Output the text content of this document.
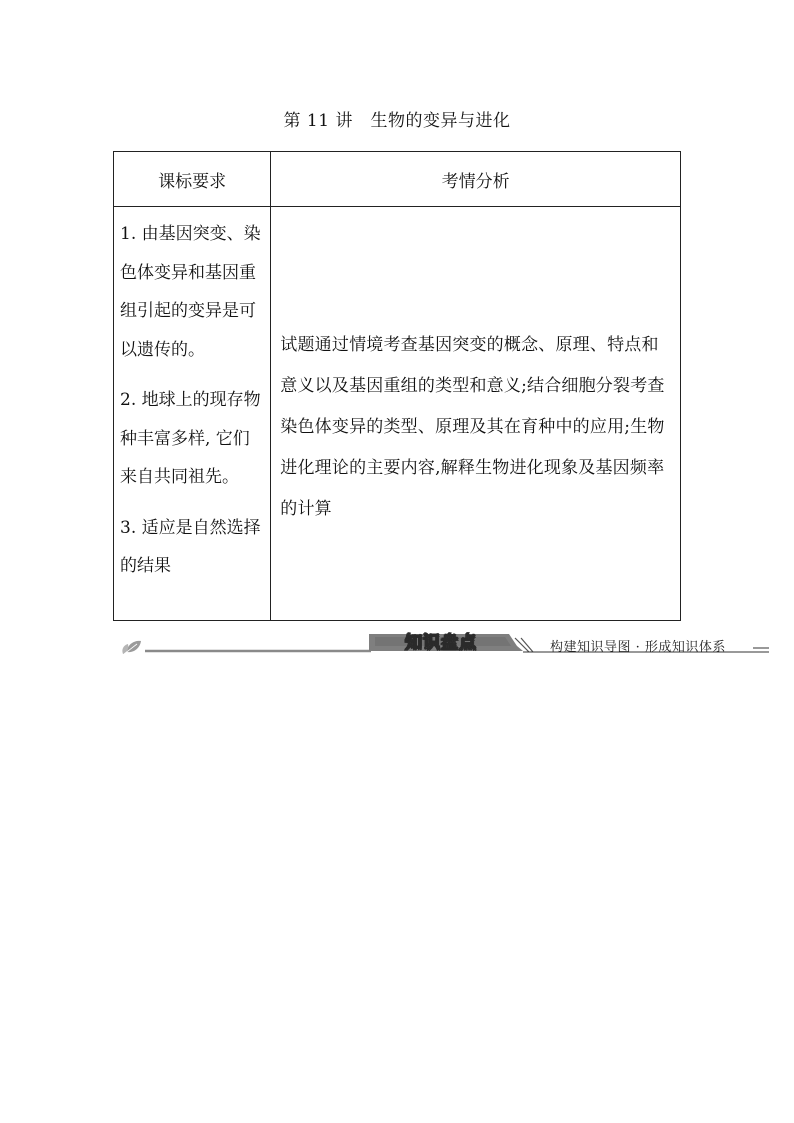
第 11 讲　生物的变异与进化
课标要求	考情分析

1. 由基因突变、染色体变异和基因重组引起的变异是可以遗传的。
2. 地球上的现存物种丰富多样, 它们来自共同祖先。
3. 适应是自然选择的结果	试题通过情境考查基因突变的概念、原理、特点和意义以及基因重组的类型和意义;结合细胞分裂考查染色体变异的类型、原理及其在育种中的应用;生物进化理论的主要内容,解释生物进化现象及基因频率的计算
知识盘点	构建知识导图 · 形成知识体系
